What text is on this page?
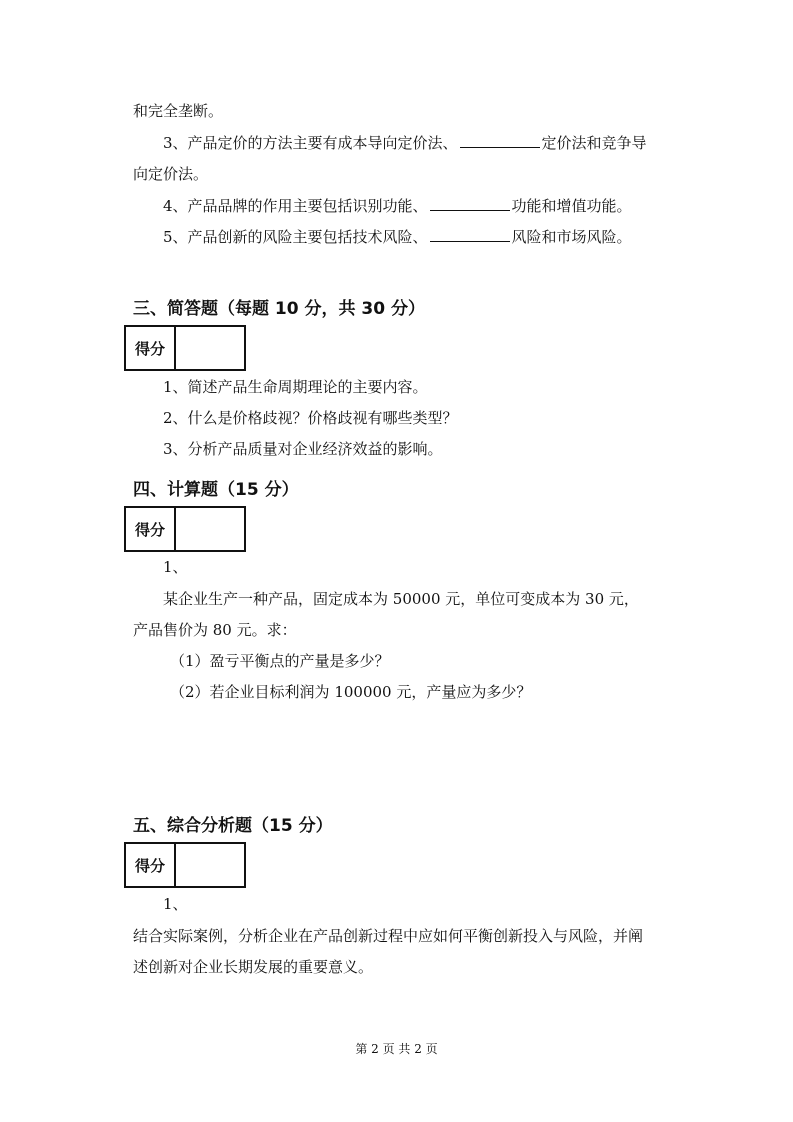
和完全垄断。
3、产品定价的方法主要有成本导向定价法、	定价法和竞争导
向定价法。
4、产品品牌的作用主要包括识别功能、	功能和增值功能。
5、产品创新的风险主要包括技术风险、	风险和市场风险。
三、简答题（每题 10 分，共 30 分）
得分
1、简述产品生命周期理论的主要内容。
2、什么是价格歧视？价格歧视有哪些类型？
3、分析产品质量对企业经济效益的影响。
四、计算题（15 分）
得分
1、
某企业生产一种产品，固定成本为 50000 元，单位可变成本为 30 元，
产品售价为 80 元。求：
（1）盈亏平衡点的产量是多少？
（2）若企业目标利润为 100000 元，产量应为多少？
五、综合分析题（15 分）
得分
1、
结合实际案例，分析企业在产品创新过程中应如何平衡创新投入与风险，并阐
述创新对企业长期发展的重要意义。
第 2 页 共 2 页
